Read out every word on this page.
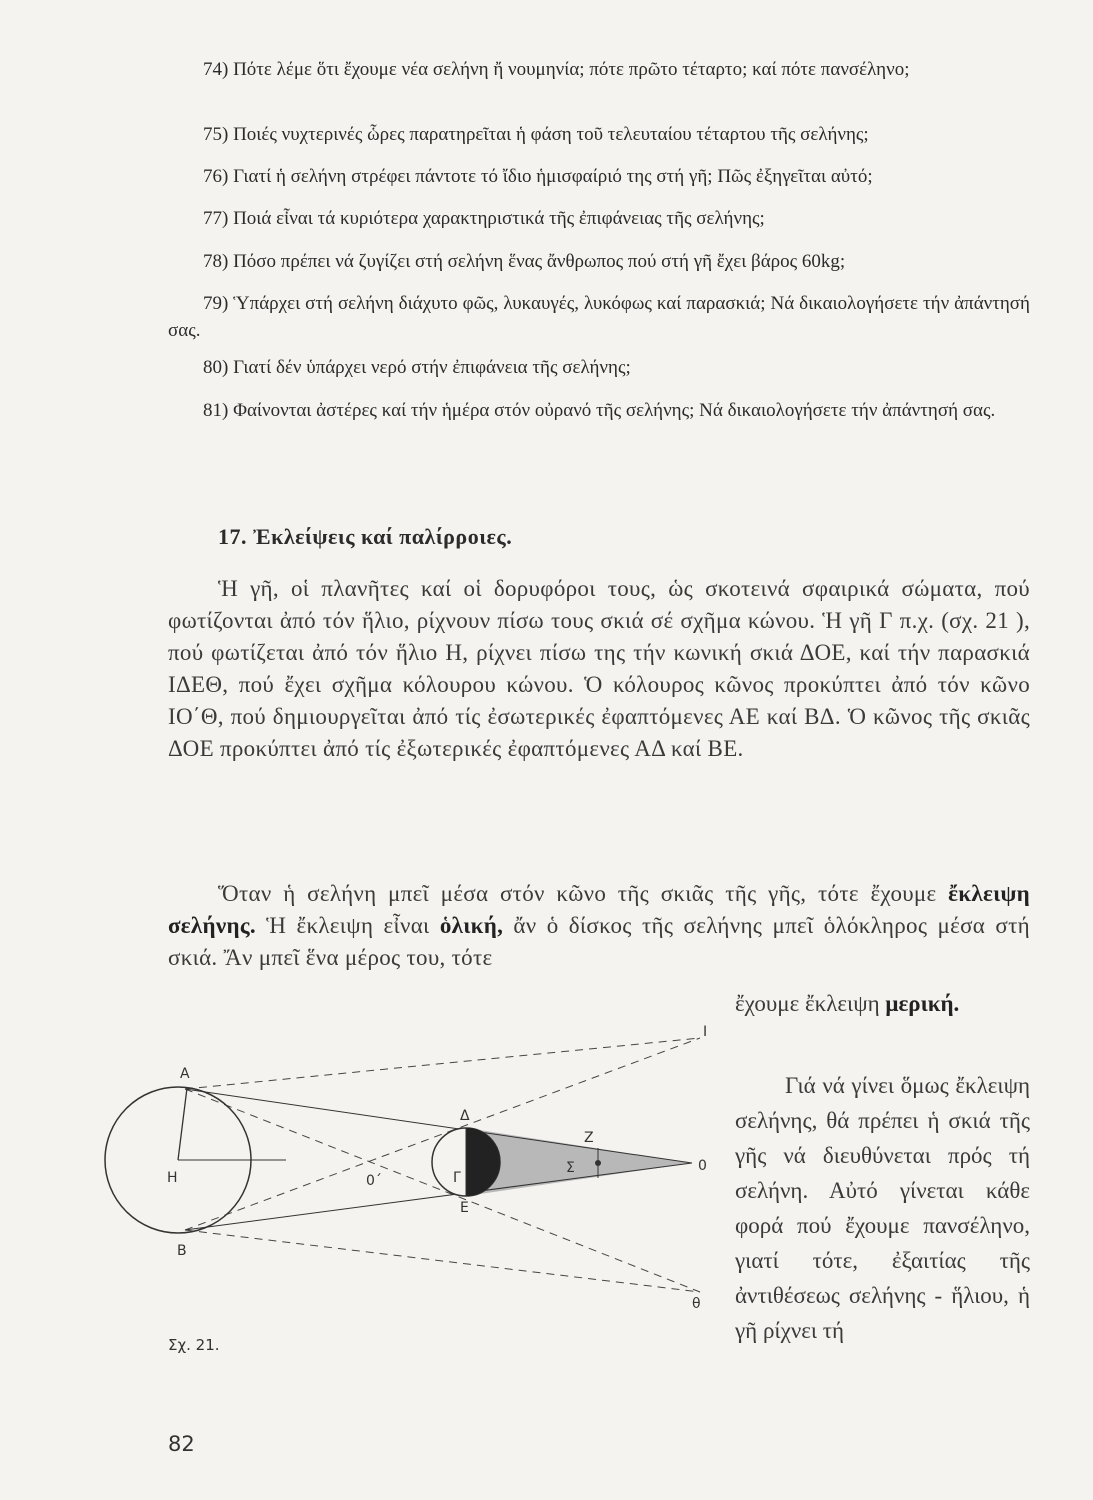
74) Πότε λέμε ὅτι ἔχουμε νέα σελήνη ἤ νουμηνία; πότε πρῶτο τέταρτο; καί πότε πανσέληνο;

75) Ποιές νυχτερινές ὧρες παρατηρεῖται ἡ φάση τοῦ τελευταίου τέταρτου τῆς σελήνης;

76) Γιατί ἡ σελήνη στρέφει πάντοτε τό ἴδιο ἡμισφαίριό της στή γῆ; Πῶς ἐξηγεῖται αὐτό;

77) Ποιά εἶναι τά κυριότερα χαρακτηριστικά τῆς ἐπιφάνειας τῆς σελήνης;

78) Πόσο πρέπει νά ζυγίζει στή σελήνη ἕνας ἄνθρωπος πού στή γῆ ἔχει βάρος 60kg;

79) Ὑπάρχει στή σελήνη διάχυτο φῶς, λυκαυγές, λυκόφως καί παρασκιά; Νά δικαιολογήσετε τήν ἀπάντησή σας.

80) Γιατί δέν ὑπάρχει νερό στήν ἐπιφάνεια τῆς σελήνης;

81) Φαίνονται ἀστέρες καί τήν ἡμέρα στόν οὐρανό τῆς σελήνης; Νά δικαιολογήσετε τήν ἀπάντησή σας.

17. Ἐκλείψεις καί παλίρροιες.

Ἡ γῆ, οἱ πλανῆτες καί οἱ δορυφόροι τους, ὡς σκοτεινά σφαιρικά σώματα, πού φωτίζονται ἀπό τόν ἥλιο, ρίχνουν πίσω τους σκιά σέ σχῆμα κώνου. Ἡ γῆ Γ π.χ. (σχ. 21 ), πού φωτίζεται ἀπό τόν ἥλιο Η, ρίχνει πίσω της τήν κωνική σκιά ΔΟΕ, καί τήν παρασκιά ΙΔΕΘ, πού ἔχει σχῆμα κόλουρου κώνου. Ὁ κόλουρος κῶνος προκύπτει ἀπό τόν κῶνο ΙΟ΄Θ, πού δημιουργεῖται ἀπό τίς ἐσωτερικές ἐφαπτόμενες ΑΕ καί ΒΔ. Ὁ κῶνος τῆς σκιᾶς ΔΟΕ προκύπτει ἀπό τίς ἐξωτερικές ἐφαπτόμενες ΑΔ καί ΒΕ.

Ὅταν ἡ σελήνη μπεῖ μέσα στόν κῶνο τῆς σκιᾶς τῆς γῆς, τότε ἔχουμε ἔκλειψη σελήνης. Ἡ ἔκλειψη εἶναι ὁλική, ἄν ὁ δίσκος τῆς σελήνης μπεῖ ὁλόκληρος μέσα στή σκιά. Ἄν μπεῖ ἕνα μέρος του, τότε

ἔχουμε ἔκλειψη μερική.

Γιά νά γίνει ὅμως ἔκλειψη σελήνης, θά πρέπει ἡ σκιά τῆς γῆς νά διευθύνεται πρός τή σελήνη. Αὐτό γίνεται κάθε φορά πού ἔχουμε πανσέληνο, γιατί τότε, ἐξαιτίας τῆς ἀντιθέσεως σελήνης - ἥλιου, ἡ γῆ ρίχνει τή

Α
Η
Β
0΄	Γ
Δ
Ε
Ζ
Σ	0
Ι
θ
Σχ. 21.
82
